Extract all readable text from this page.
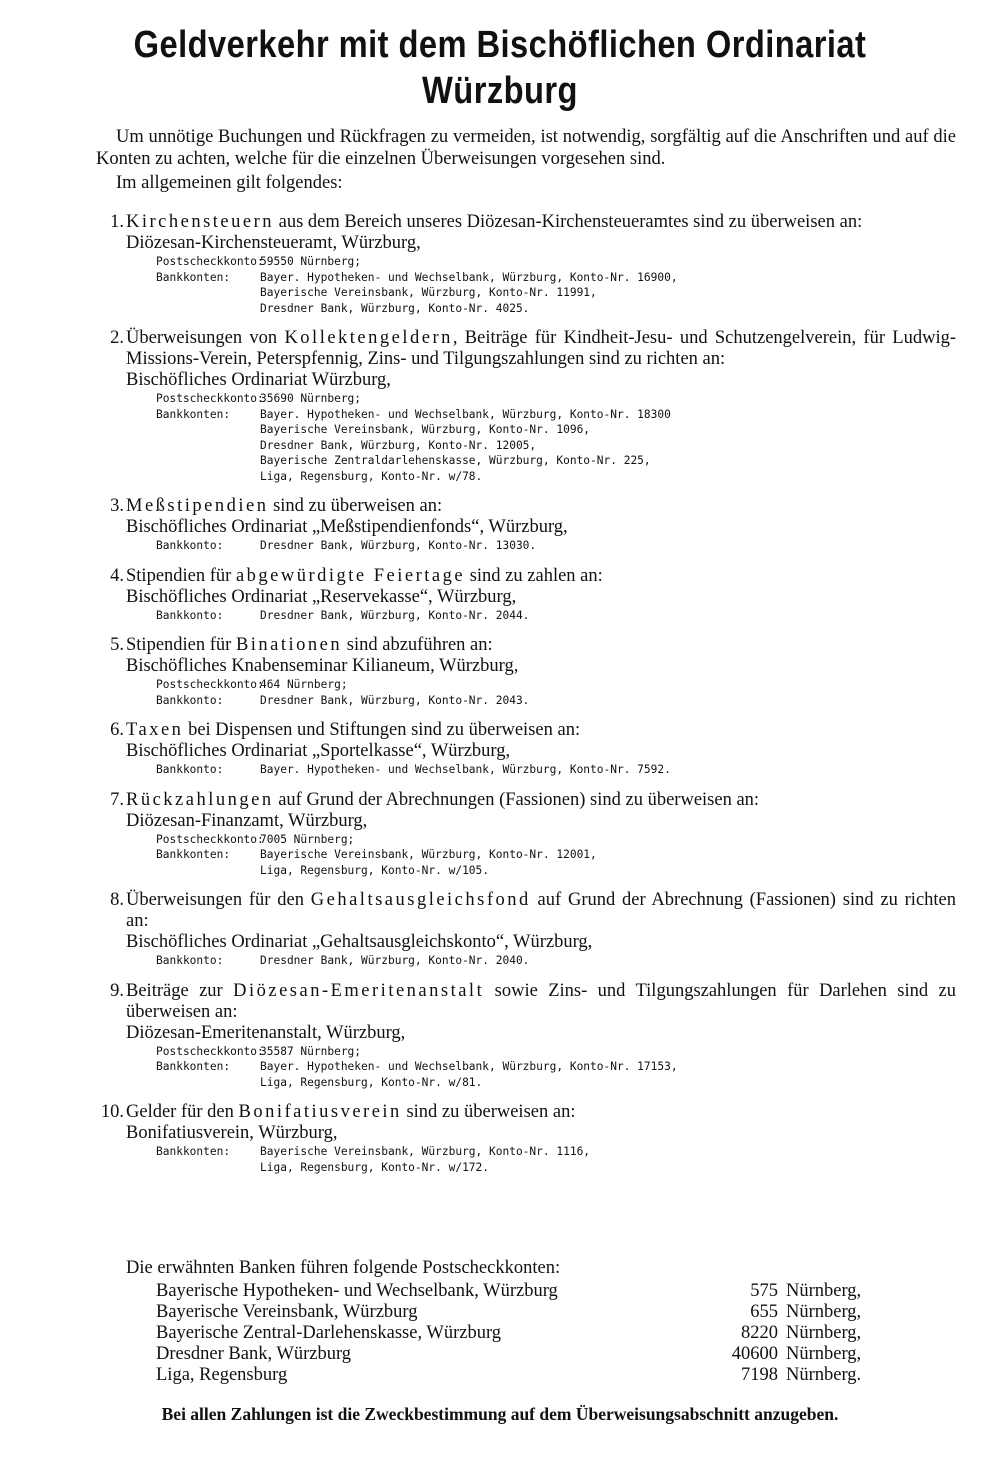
Geldverkehr mit dem Bischöflichen Ordinariat
Würzburg

Um unnötige Buchungen und Rückfragen zu vermeiden, ist notwendig, sorgfältig auf die Anschriften und auf die Konten zu achten, welche für die einzelnen Überweisungen vorgesehen sind.

Im allgemeinen gilt folgendes:

1. Kirchensteuern aus dem Bereich unseres Diözesan-Kirchensteueramtes sind zu überweisen an:
Diözesan-Kirchensteueramt, Würzburg,
Postscheckkonto:
59550 Nürnberg;
Bankkonten:	Bayer. Hypotheken- und Wechselbank, Würzburg, Konto-Nr. 16900,
Bayerische Vereinsbank, Würzburg, Konto-Nr. 11991,
Dresdner Bank, Würzburg, Konto-Nr. 4025.
2. Überweisungen von Kollektengeldern, Beiträge für Kindheit-Jesu- und Schutzengelverein, für Ludwig-Missions-Verein, Peterspfennig, Zins- und Tilgungszahlungen sind zu richten an:
Bischöfliches Ordinariat Würzburg,
Postscheckkonto:
35690 Nürnberg;
Bankkonten:	Bayer. Hypotheken- und Wechselbank, Würzburg, Konto-Nr. 18300
Bayerische Vereinsbank, Würzburg, Konto-Nr. 1096,
Dresdner Bank, Würzburg, Konto-Nr. 12005,
Bayerische Zentraldarlehenskasse, Würzburg, Konto-Nr. 225,
Liga, Regensburg, Konto-Nr. w/78.
3. Meßstipendien sind zu überweisen an:
Bischöfliches Ordinariat „Meßstipendienfonds“, Würzburg,
Bankkonto:	Dresdner Bank, Würzburg, Konto-Nr. 13030.
4. Stipendien für abgewürdigte Feiertage sind zu zahlen an:
Bischöfliches Ordinariat „Reservekasse“, Würzburg,
Bankkonto:	Dresdner Bank, Würzburg, Konto-Nr. 2044.
5. Stipendien für Binationen sind abzuführen an:
Bischöfliches Knabenseminar Kilianeum, Würzburg,
Postscheckkonto:
464 Nürnberg;
Bankkonto:	Dresdner Bank, Würzburg, Konto-Nr. 2043.
6. Taxen bei Dispensen und Stiftungen sind zu überweisen an:
Bischöfliches Ordinariat „Sportelkasse“, Würzburg,
Bankkonto:	Bayer. Hypotheken- und Wechselbank, Würzburg, Konto-Nr. 7592.
7. Rückzahlungen auf Grund der Abrechnungen (Fassionen) sind zu überweisen an:
Diözesan-Finanzamt, Würzburg,
Postscheckkonto:
7005 Nürnberg;
Bankkonten:	Bayerische Vereinsbank, Würzburg, Konto-Nr. 12001,
Liga, Regensburg, Konto-Nr. w/105.
8. Überweisungen für den Gehaltsausgleichsfond auf Grund der Abrechnung (Fassionen) sind zu richten an:
Bischöfliches Ordinariat „Gehaltsausgleichskonto“, Würzburg,
Bankkonto:	Dresdner Bank, Würzburg, Konto-Nr. 2040.
9. Beiträge zur Diözesan-Emeritenanstalt sowie Zins- und Tilgungszahlungen für Darlehen sind zu überweisen an:
Diözesan-Emeritenanstalt, Würzburg,
Postscheckkonto:
35587 Nürnberg;
Bankkonten:	Bayer. Hypotheken- und Wechselbank, Würzburg, Konto-Nr. 17153,
Liga, Regensburg, Konto-Nr. w/81.
10. Gelder für den Bonifatiusverein sind zu überweisen an:
Bonifatiusverein, Würzburg,
Bankkonten:	Bayerische Vereinsbank, Würzburg, Konto-Nr. 1116,
Liga, Regensburg, Konto-Nr. w/172.
Die erwähnten Banken führen folgende Postscheckkonten:
Bayerische Hypotheken- und Wechselbank, Würzburg	575 Nürnberg,
Bayerische Vereinsbank, Würzburg	655 Nürnberg,
Bayerische Zentral-Darlehenskasse, Würzburg	8220 Nürnberg,
Dresdner Bank, Würzburg	40600 Nürnberg,
Liga, Regensburg	7198 Nürnberg.
Bei allen Zahlungen ist die Zweckbestimmung auf dem Überweisungsabschnitt anzugeben.
